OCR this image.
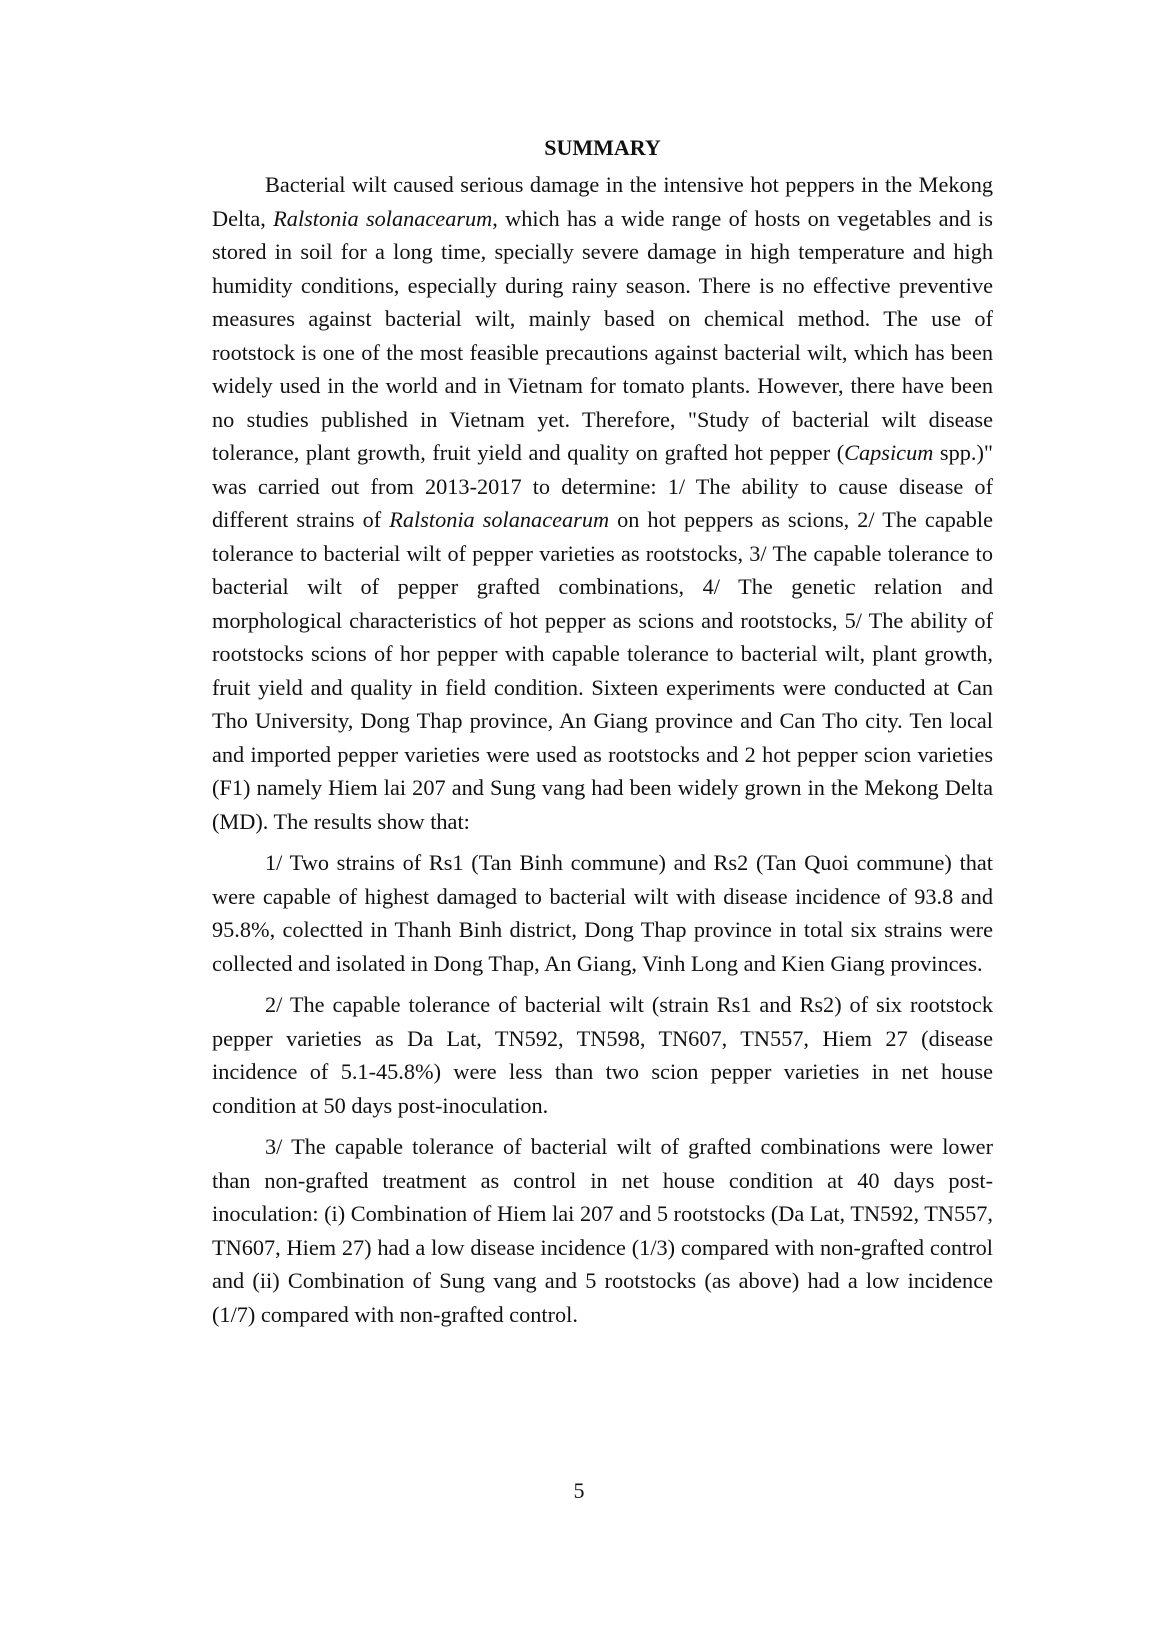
SUMMARY

Bacterial wilt caused serious damage in the intensive hot peppers in the Mekong Delta, Ralstonia solanacearum, which has a wide range of hosts on vegetables and is stored in soil for a long time, specially severe damage in high temperature and high humidity conditions, especially during rainy season. There is no effective preventive measures against bacterial wilt, mainly based on chemical method. The use of rootstock is one of the most feasible precautions against bacterial wilt, which has been widely used in the world and in Vietnam for tomato plants. However, there have been no studies published in Vietnam yet. Therefore, "Study of bacterial wilt disease tolerance, plant growth, fruit yield and quality on grafted hot pepper (Capsicum spp.)" was carried out from 2013-2017 to determine: 1/ The ability to cause disease of different strains of Ralstonia solanacearum on hot peppers as scions, 2/ The capable tolerance to bacterial wilt of pepper varieties as rootstocks, 3/ The capable tolerance to bacterial wilt of pepper grafted combinations, 4/ The genetic relation and morphological characteristics of hot pepper as scions and rootstocks, 5/ The ability of rootstocks scions of hor pepper with capable tolerance to bacterial wilt, plant growth, fruit yield and quality in field condition. Sixteen experiments were conducted at Can Tho University, Dong Thap province, An Giang province and Can Tho city. Ten local and imported pepper varieties were used as rootstocks and 2 hot pepper scion varieties (F1) namely Hiem lai 207 and Sung vang had been widely grown in the Mekong Delta (MD). The results show that:

1/ Two strains of Rs1 (Tan Binh commune) and Rs2 (Tan Quoi commune) that were capable of highest damaged to bacterial wilt with disease incidence of 93.8 and 95.8%, colectted in Thanh Binh district, Dong Thap province in total six strains were collected and isolated in Dong Thap, An Giang, Vinh Long and Kien Giang provinces.

2/ The capable tolerance of bacterial wilt (strain Rs1 and Rs2) of six rootstock pepper varieties as Da Lat, TN592, TN598, TN607, TN557, Hiem 27 (disease incidence of 5.1-45.8%) were less than two scion pepper varieties in net house condition at 50 days post-inoculation.

3/ The capable tolerance of bacterial wilt of grafted combinations were lower than non-grafted treatment as control in net house condition at 40 days post-inoculation: (i) Combination of Hiem lai 207 and 5 rootstocks (Da Lat, TN592, TN557, TN607, Hiem 27) had a low disease incidence (1/3) compared with non-grafted control and (ii) Combination of Sung vang and 5 rootstocks (as above) had a low incidence (1/7) compared with non-grafted control.

5
